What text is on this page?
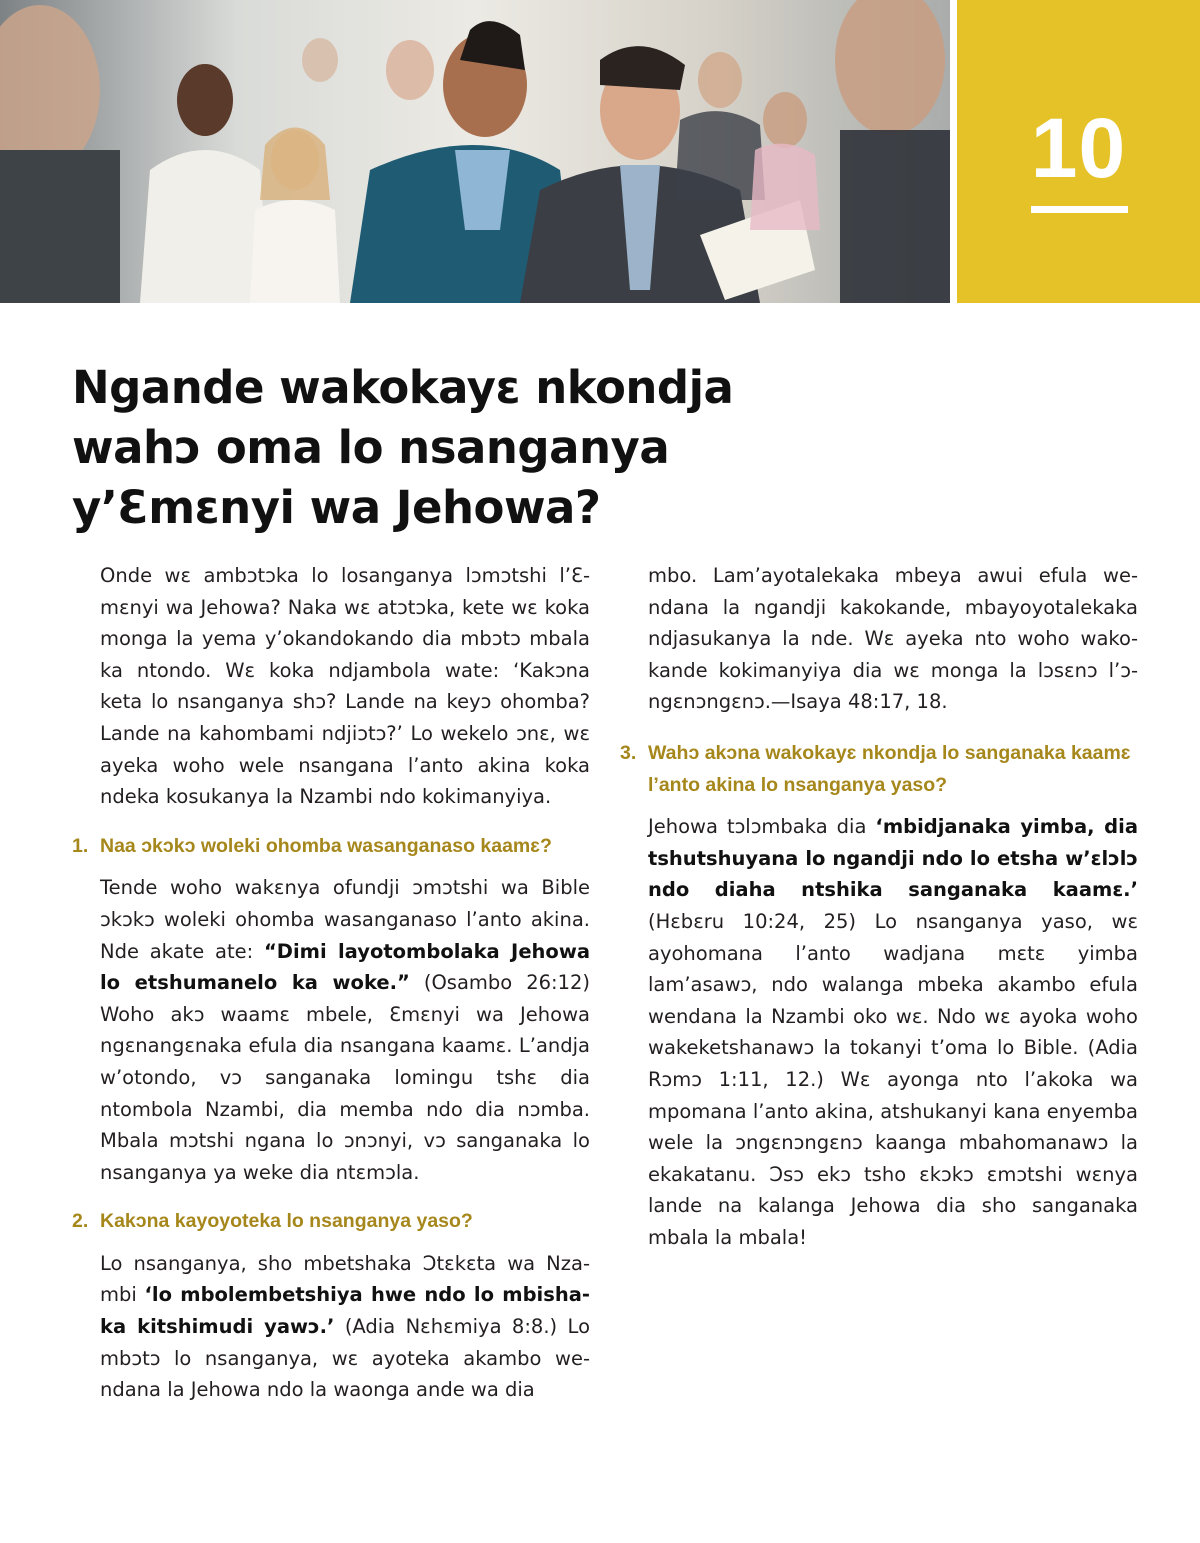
10
Ngande wakokayɛ nkondja wahɔ oma lo nsanganya y’Ɛmɛnyi wa Jehowa?

Onde wɛ ambɔtɔka lo losanganya lɔmɔtshi l’Ɛmɛnyi wa Jehowa? Naka wɛ atɔtɔka, kete wɛ koka monga la yema y’okandokando dia mbɔtɔ mbala ka ntondo. Wɛ koka ndjambola wate: ‘Kakɔna keta lo nsanganya shɔ? Lande na keyɔ ohomba? Lande na kahombami ndjiɔtɔ?’ Lo wekelo ɔnɛ, wɛ ayeka woho wele nsangana l’anto akina koka ndeka kosukanya la Nzambi ndo kokimanyiya.

1. Naa ɔkɔkɔ woleki ohomba wasanganaso kaamɛ?

Tende woho wakɛnya ofundji ɔmɔtshi wa Bible ɔkɔkɔ woleki ohomba wasanganaso l’anto akina. Nde akate ate: “Dimi layotombolaka Jehowa lo etshumanelo ka woke.” (Osambo 26:12) Woho akɔ waamɛ mbele, Ɛmɛnyi wa Jehowa ngɛnangɛnaka efula dia nsangana kaamɛ. L’andja w’otondo, vɔ sanganaka lomingu tshɛ dia ntombola Nzambi, dia memba ndo dia nɔmba. Mbala mɔtshi ngana lo ɔnɔnyi, vɔ sanganaka lo nsanganya ya weke dia ntɛmɔla.

2. Kakɔna kayoyoteka lo nsanganya yaso?

Lo nsanganya, sho mbetshaka Ɔtɛkɛta wa Nzambi ‘lo mbolembetshiya hwe ndo lo mbishaka kitshimudi yawɔ.’ (Adia Nɛhɛmiya 8:8.) Lo mbɔtɔ lo nsanganya, wɛ ayoteka akambo wendana la Jehowa ndo la waonga ande wa dia

mbo. Lam’ayotalekaka mbeya awui efula wendana la ngandji kakokande, mbayoyotalekaka ndjasukanya la nde. Wɛ ayeka nto woho wakokande kokimanyiya dia wɛ monga la lɔsɛnɔ l’ɔngɛnɔngɛnɔ.—Isaya 48:17, 18.

3. Wahɔ akɔna wakokayɛ nkondja lo sanganaka kaamɛ l’anto akina lo nsanganya yaso?

Jehowa tɔlɔmbaka dia ‘mbidjanaka yimba, dia tshutshuyana lo ngandji ndo lo etsha w’ɛlɔlɔ ndo diaha ntshika sanganaka kaamɛ.’ (Hɛbɛru 10:24, 25) Lo nsanganya yaso, wɛ ayohomana l’anto wadjana mɛtɛ yimba lam’asawɔ, ndo walanga mbeka akambo efula wendana la Nzambi oko wɛ. Ndo wɛ ayoka woho wakeketshanawɔ la tokanyi t’oma lo Bible. (Adia Rɔmɔ 1:11, 12.) Wɛ ayonga nto l’akoka wa mpomana l’anto akina, atshukanyi kana enyemba wele la ɔngɛnɔngɛnɔ kaanga mbahomanawɔ la ekakatanu. Ɔsɔ ekɔ tsho ɛkɔkɔ ɛmɔtshi wɛnya lande na kalanga Jehowa dia sho sanganaka mbala la mbala!
